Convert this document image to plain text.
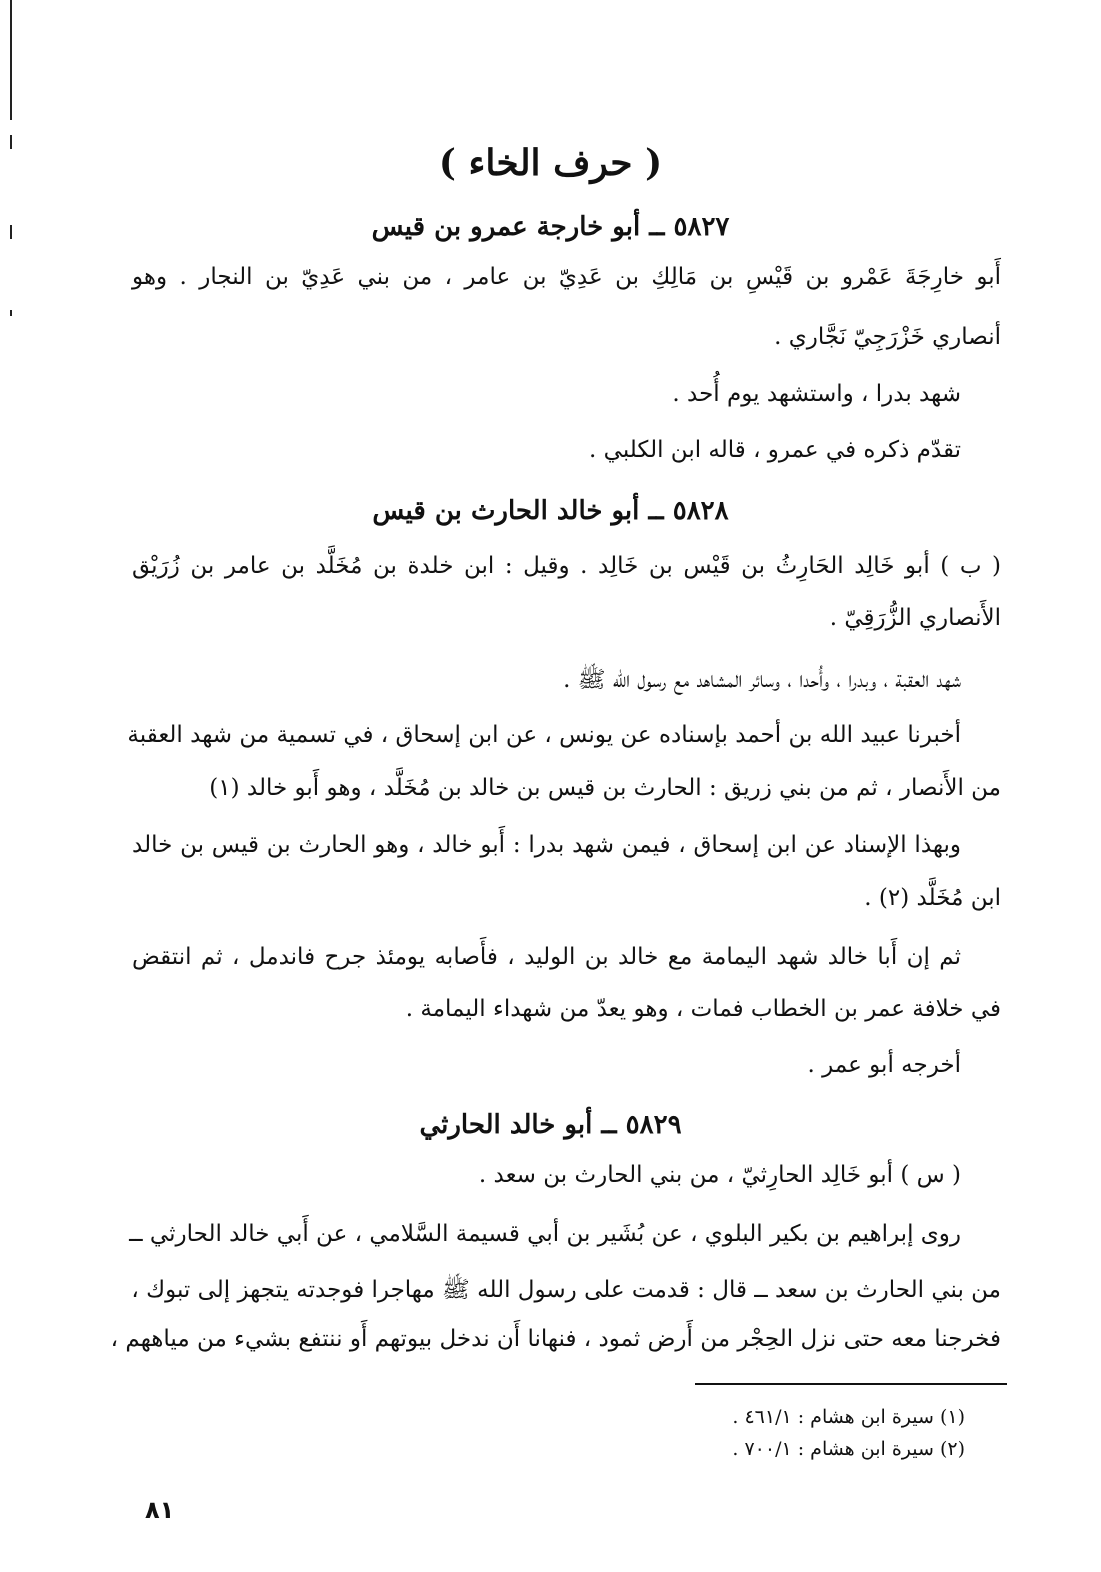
( حرف الخاء )
٥٨٢٧ ــ أبو خارجة عمرو بن قيس
أَبو خارِجَةَ عَمْرو بن قَيْسِ بن مَالِكِ بن عَدِيّ بن عامر ، من بني عَدِيّ بن النجار . وهو
أنصاري خَزْرَجِيّ نَجَّاري .
شهد بدرا ، واستشهد يوم أُحد .
تقدّم ذكره في عمرو ، قاله ابن الكلبي .
٥٨٢٨ ــ أبو خالد الحارث بن قيس
( ب ) أبو خَالِد الحَارِثُ بن قَيْس بن خَالِد . وقيل : ابن خلدة بن مُخَلَّد بن عامر بن زُرَيْق
الأَنصاري الزُّرَقِيّ .
شهد العقبة ، وبدرا ، وأُحدا ، وسائر المشاهد مع رسول الله ﷺ .
أخبرنا عبيد الله بن أحمد بإسناده عن يونس ، عن ابن إسحاق ، في تسمية من شهد العقبة
من الأَنصار ، ثم من بني زريق : الحارث بن قيس بن خالد بن مُخَلَّد ، وهو أَبو خالد (١)
وبهذا الإسناد عن ابن إسحاق ، فيمن شهد بدرا : أَبو خالد ، وهو الحارث بن قيس بن خالد
ابن مُخَلَّد (٢) .
ثم إن أَبا خالد شهد اليمامة مع خالد بن الوليد ، فأَصابه يومئذ جرح فاندمل ، ثم انتقض
في خلافة عمر بن الخطاب فمات ، وهو يعدّ من شهداء اليمامة .
أخرجه أبو عمر .
٥٨٢٩ ــ أبو خالد الحارثي
( س ) أبو خَالِد الحارِثيّ ، من بني الحارث بن سعد .
روى إبراهيم بن بكير البلوي ، عن بُشَير بن أبي قسيمة السَّلامي ، عن أَبي خالد الحارثي ــ
من بني الحارث بن سعد ــ قال : قدمت على رسول الله ﷺ مهاجرا فوجدته يتجهز إلى تبوك ،
فخرجنا معه حتى نزل الحِجْر من أَرض ثمود ، فنهانا أَن ندخل بيوتهم أَو ننتفع بشيء من مياههم ،
(١) سيرة ابن هشام : ٤٦١/١ .
(٢) سيرة ابن هشام : ٧٠٠/١ .
٨١
